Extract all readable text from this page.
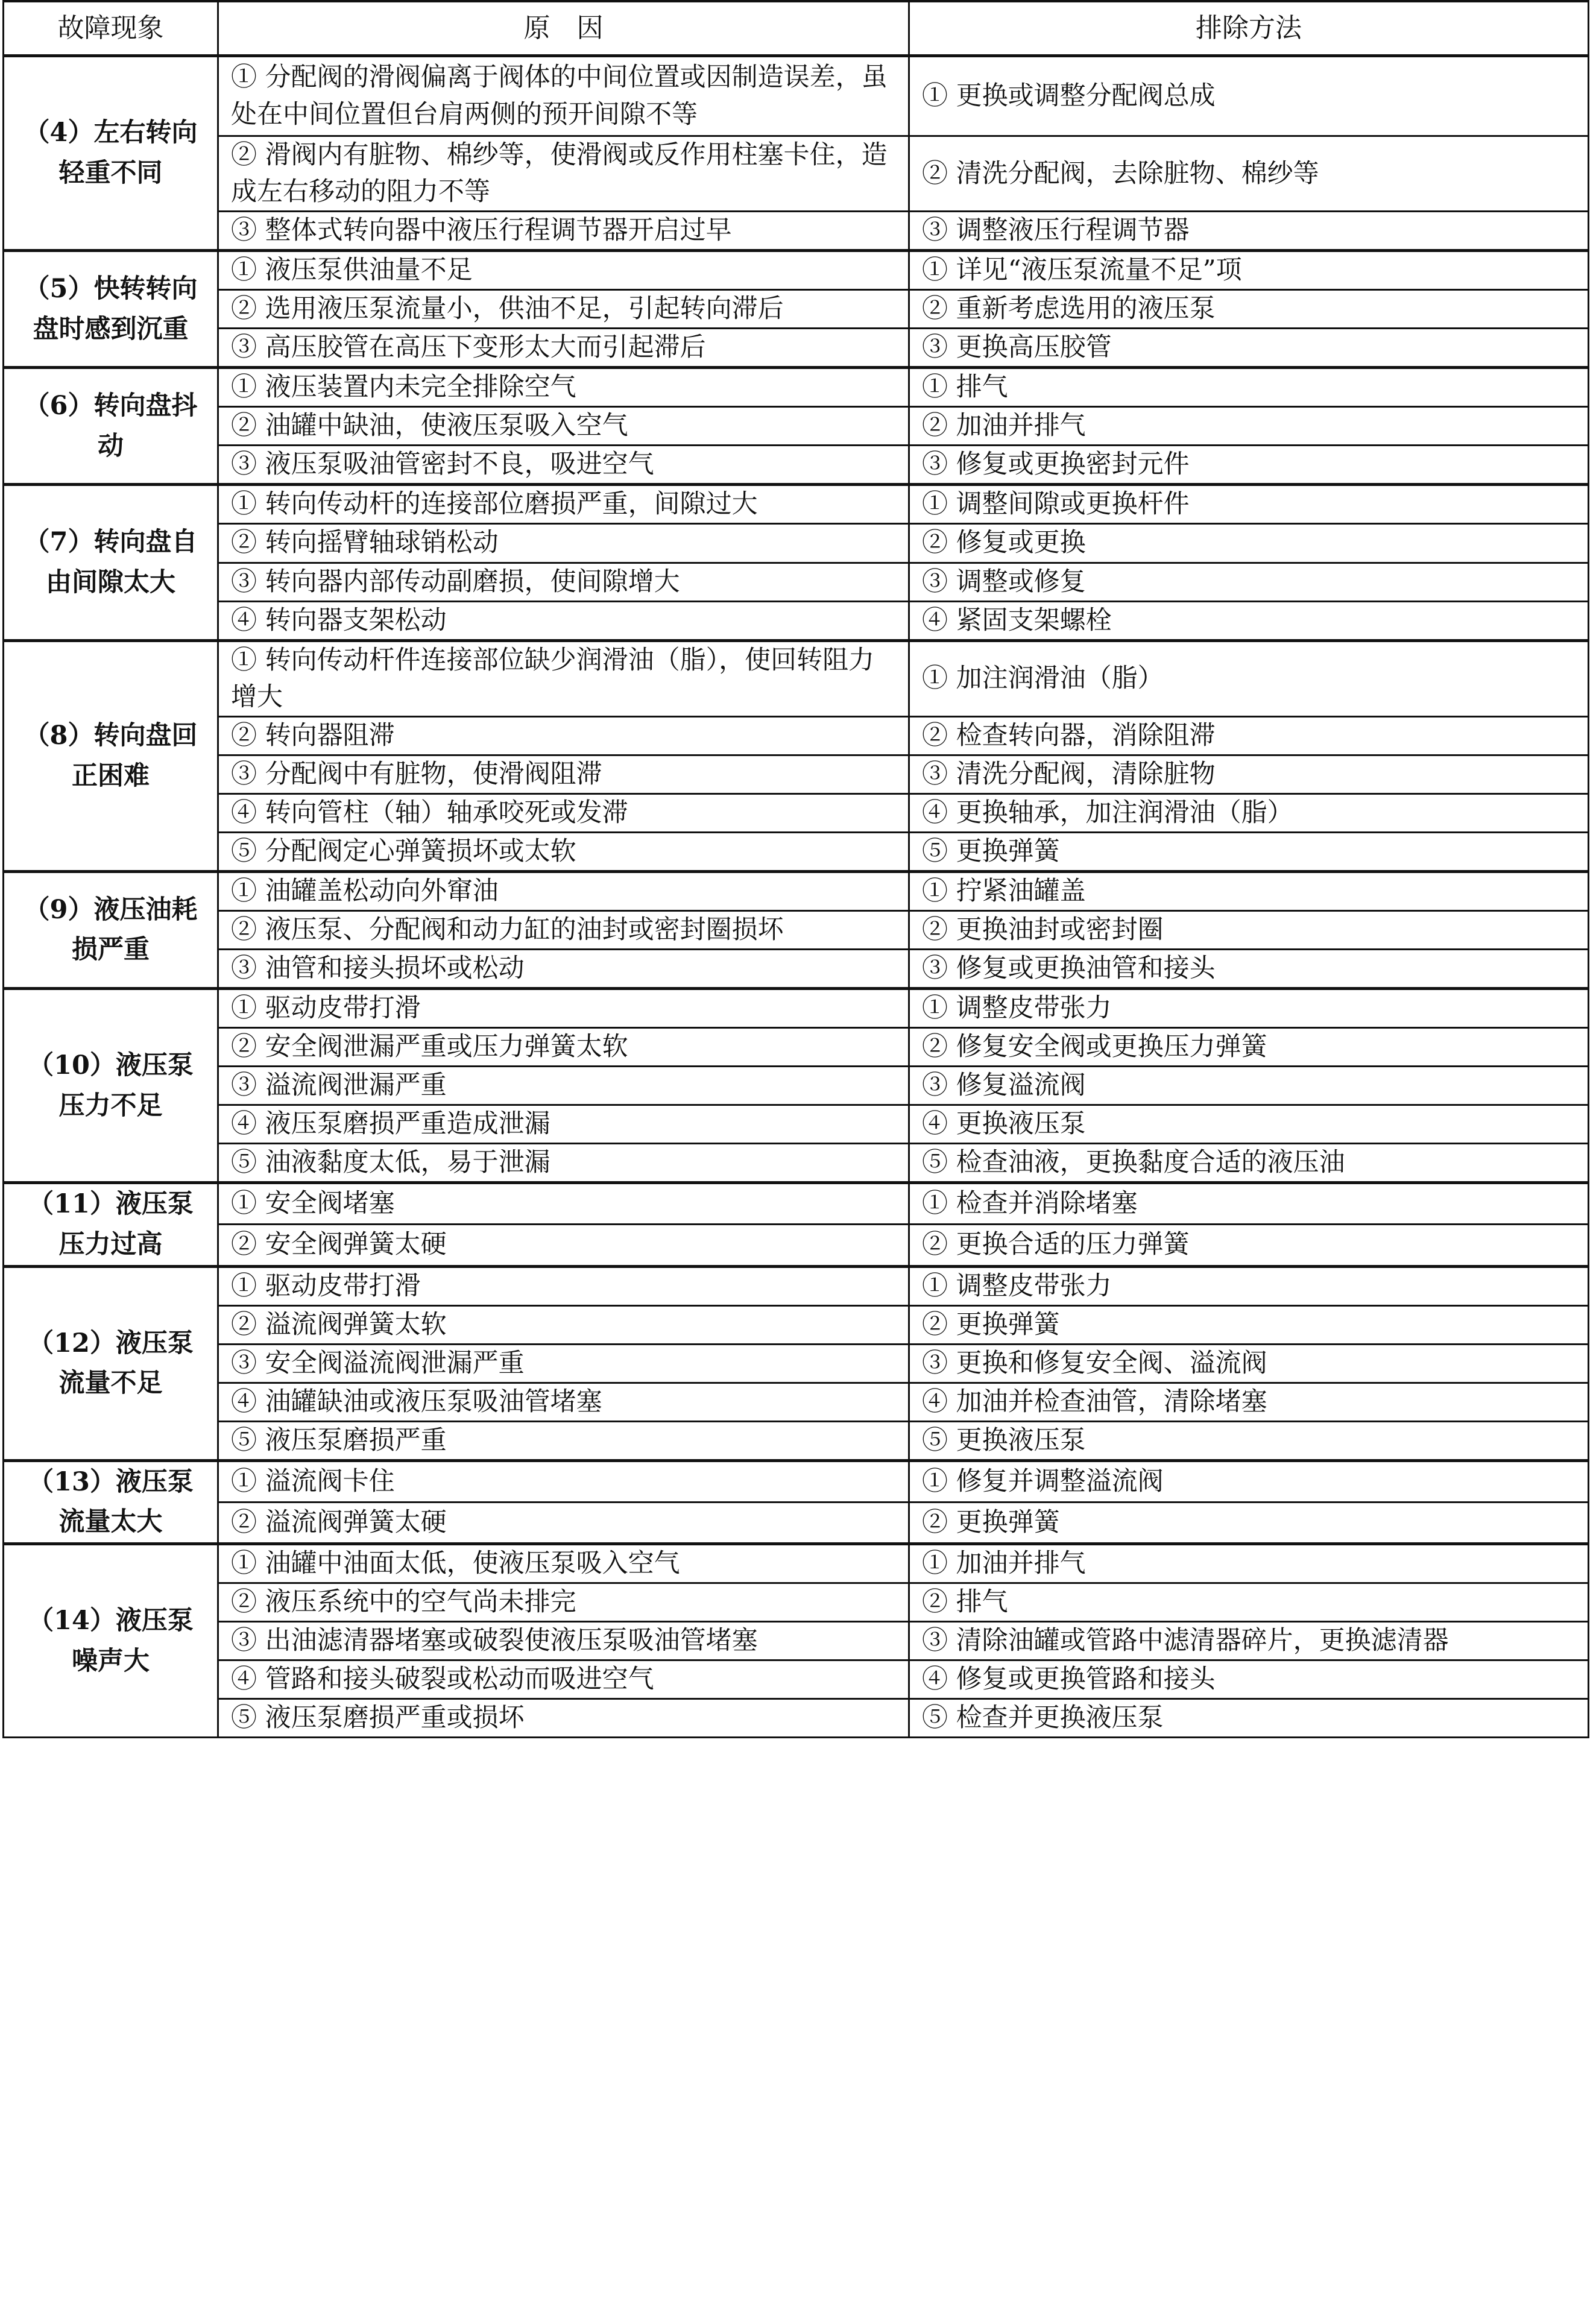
故障现象	原　因	排除方法
（4）左右转向轻重不同	① 分配阀的滑阀偏离于阀体的中间位置或因制造误差，虽处在中间位置但台肩两侧的预开间隙不等	① 更换或调整分配阀总成
	② 滑阀内有脏物、棉纱等，使滑阀或反作用柱塞卡住，造成左右移动的阻力不等	② 清洗分配阀，去除脏物、棉纱等
	③ 整体式转向器中液压行程调节器开启过早	③ 调整液压行程调节器
（5）快转转向盘时感到沉重	① 液压泵供油量不足	① 详见“液压泵流量不足”项
	② 选用液压泵流量小，供油不足，引起转向滞后	② 重新考虑选用的液压泵
	③ 高压胶管在高压下变形太大而引起滞后	③ 更换高压胶管
（6）转向盘抖动	① 液压装置内未完全排除空气	① 排气
	② 油罐中缺油，使液压泵吸入空气	② 加油并排气
	③ 液压泵吸油管密封不良，吸进空气	③ 修复或更换密封元件
（7）转向盘自由间隙太大	① 转向传动杆的连接部位磨损严重，间隙过大	① 调整间隙或更换杆件
	② 转向摇臂轴球销松动	② 修复或更换
	③ 转向器内部传动副磨损，使间隙增大	③ 调整或修复
	④ 转向器支架松动	④ 紧固支架螺栓
（8）转向盘回正困难	① 转向传动杆件连接部位缺少润滑油（脂），使回转阻力增大	① 加注润滑油（脂）
	② 转向器阻滞	② 检查转向器，消除阻滞
	③ 分配阀中有脏物，使滑阀阻滞	③ 清洗分配阀，清除脏物
	④ 转向管柱（轴）轴承咬死或发滞	④ 更换轴承，加注润滑油（脂）
	⑤ 分配阀定心弹簧损坏或太软	⑤ 更换弹簧
（9）液压油耗损严重	① 油罐盖松动向外窜油	① 拧紧油罐盖
	② 液压泵、分配阀和动力缸的油封或密封圈损坏	② 更换油封或密封圈
	③ 油管和接头损坏或松动	③ 修复或更换油管和接头
（10）液压泵压力不足	① 驱动皮带打滑	① 调整皮带张力
	② 安全阀泄漏严重或压力弹簧太软	② 修复安全阀或更换压力弹簧
	③ 溢流阀泄漏严重	③ 修复溢流阀
	④ 液压泵磨损严重造成泄漏	④ 更换液压泵
	⑤ 油液黏度太低，易于泄漏	⑤ 检查油液，更换黏度合适的液压油
（11）液压泵压力过高	① 安全阀堵塞	① 检查并消除堵塞
	② 安全阀弹簧太硬	② 更换合适的压力弹簧
（12）液压泵流量不足	① 驱动皮带打滑	① 调整皮带张力
	② 溢流阀弹簧太软	② 更换弹簧
	③ 安全阀溢流阀泄漏严重	③ 更换和修复安全阀、溢流阀
	④ 油罐缺油或液压泵吸油管堵塞	④ 加油并检查油管，清除堵塞
	⑤ 液压泵磨损严重	⑤ 更换液压泵
（13）液压泵流量太大	① 溢流阀卡住	① 修复并调整溢流阀
	② 溢流阀弹簧太硬	② 更换弹簧
（14）液压泵噪声大	① 油罐中油面太低，使液压泵吸入空气	① 加油并排气
	② 液压系统中的空气尚未排完	② 排气
	③ 出油滤清器堵塞或破裂使液压泵吸油管堵塞	③ 清除油罐或管路中滤清器碎片，更换滤清器
	④ 管路和接头破裂或松动而吸进空气	④ 修复或更换管路和接头
	⑤ 液压泵磨损严重或损坏	⑤ 检查并更换液压泵
